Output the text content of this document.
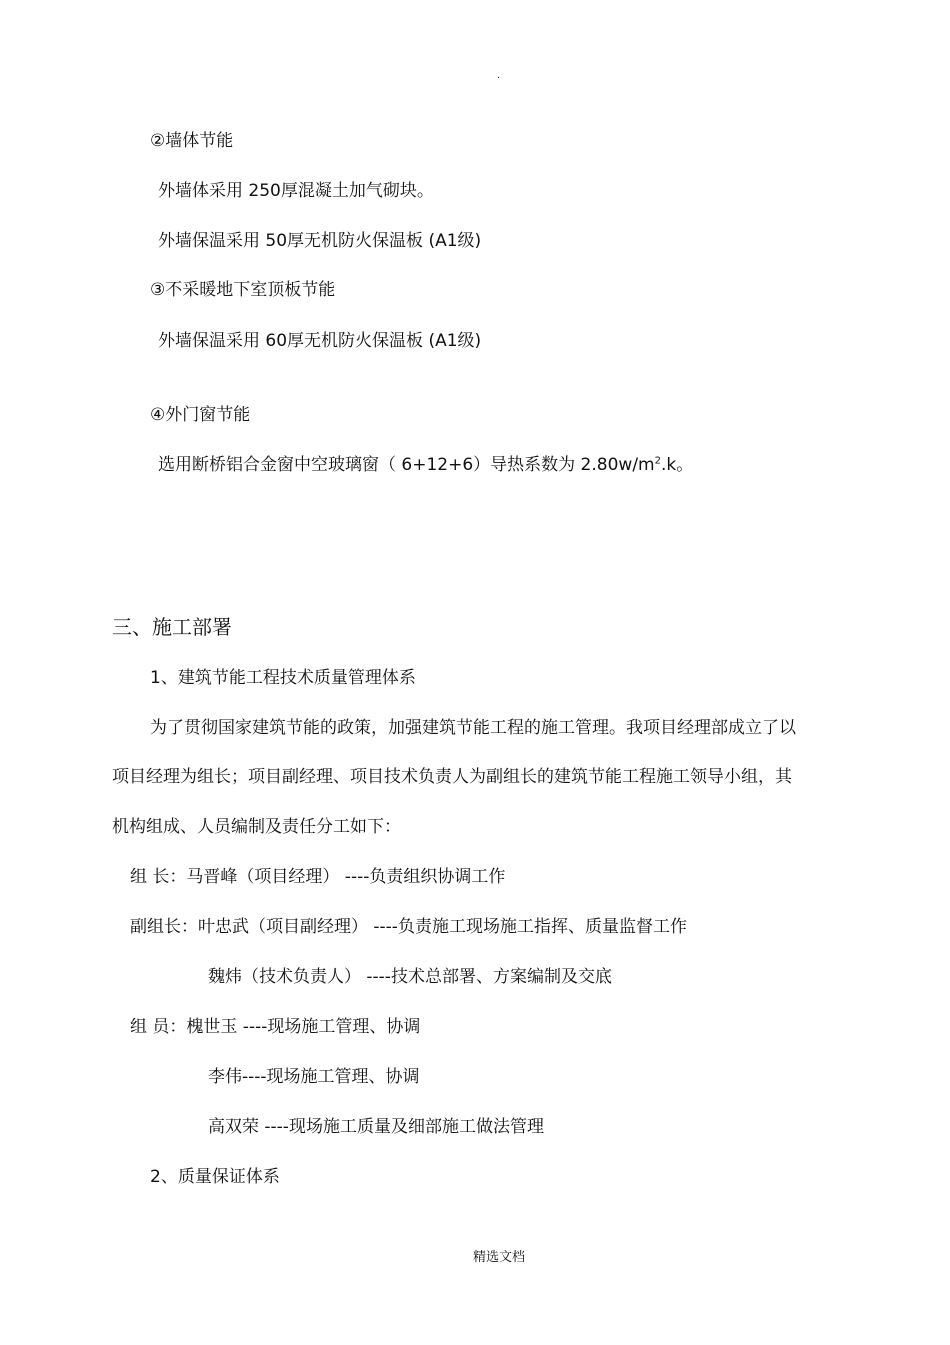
.
②墙体节能
外墙体采用 250厚混凝土加气砌块。
外墙保温采用 50厚无机防火保温板 (A1级)
③不采暖地下室顶板节能
外墙保温采用 60厚无机防火保温板 (A1级)
④外门窗节能
选用断桥铝合金窗中空玻璃窗（ 6+12+6）导热系数为 $2.80w/m^2.k$。
三、施工部署
1、建筑节能工程技术质量管理体系
为了贯彻国家建筑节能的政策，加强建筑节能工程的施工管理。我项目经理部成立了以
项目经理为组长；项目副经理、项目技术负责人为副组长的建筑节能工程施工领导小组，其
机构组成、人员编制及责任分工如下：
组 长：马晋峰（项目经理） ----负责组织协调工作
副组长：叶忠武（项目副经理） ----负责施工现场施工指挥、质量监督工作
魏炜（技术负责人） ----技术总部署、方案编制及交底
组 员：槐世玉 ----现场施工管理、协调
李伟----现场施工管理、协调
高双荣 ----现场施工质量及细部施工做法管理
2、质量保证体系
精选文档
